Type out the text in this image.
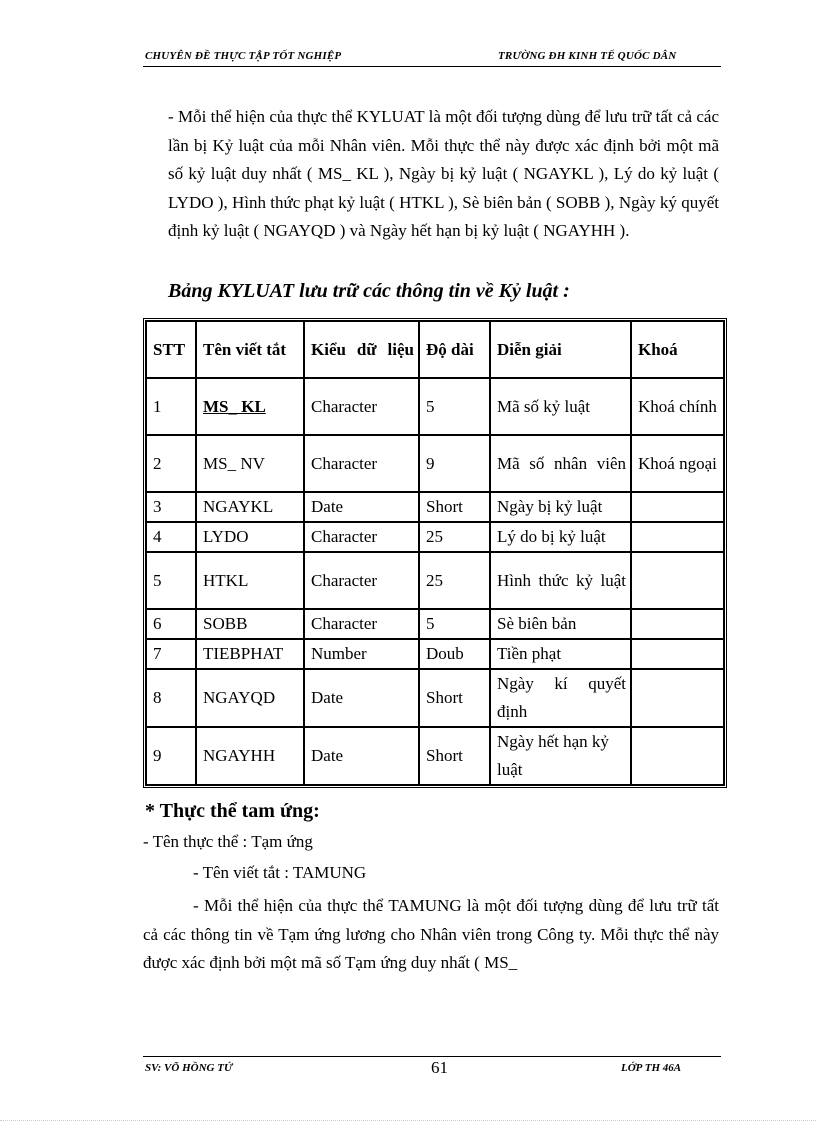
CHUYÊN ĐỀ THỰC TẬP TỐT NGHIỆP	TRƯỜNG ĐH KINH TẾ QUỐC DÂN
- Mỗi thể hiện của thực thể KYLUAT là một đối tượng dùng để lưu trữ tất cả các lần bị Kỷ luật của mỗi Nhân viên. Mỗi thực thể này được xác định bởi một mã số kỷ luật duy nhất ( MS_ KL ), Ngày bị kỷ luật ( NGAYKL ), Lý do kỷ luật ( LYDO ), Hình thức phạt kỷ luật ( HTKL ), Sè biên bản ( SOBB ), Ngày ký quyết định kỷ luật ( NGAYQD ) và Ngày hết hạn bị kỷ luật ( NGAYHH ).
Bảng KYLUAT lưu trữ các thông tin về Kỷ luật :
STT	Tên viết tắt	Kiểu dữ liệu	Độ dài	Diễn giải	Khoá
1	MS_ KL	Character	5	Mã số kỷ luật	Khoá chính
2	MS_ NV	Character	9	Mã số nhân viên	Khoá ngoại
3	NGAYKL	Date	Short	Ngày bị kỷ luật	
4	LYDO	Character	25	Lý do bị kỷ luật	
5	HTKL	Character	25	Hình thức kỷ luật	
6	SOBB	Character	5	Sè biên bản	
7	TIEBPHAT	Number	Doub	Tiền phạt	
8	NGAYQD	Date	Short	Ngày kí quyết định	
9	NGAYHH	Date	Short	Ngày hết hạn kỷ luật	
* Thực thể tam ứng:
- Tên thực thể : Tạm ứng
- Tên viết tắt : TAMUNG
- Mỗi thể hiện của thực thể TAMUNG là một đối tượng dùng để lưu trữ tất cả các thông tin về Tạm ứng lương cho Nhân viên trong Công ty. Mỗi thực thể này được xác định bởi một mã số Tạm ứng duy nhất ( MS_
SV: VÕ HỒNG TỨ	61	LỚP TH 46A
